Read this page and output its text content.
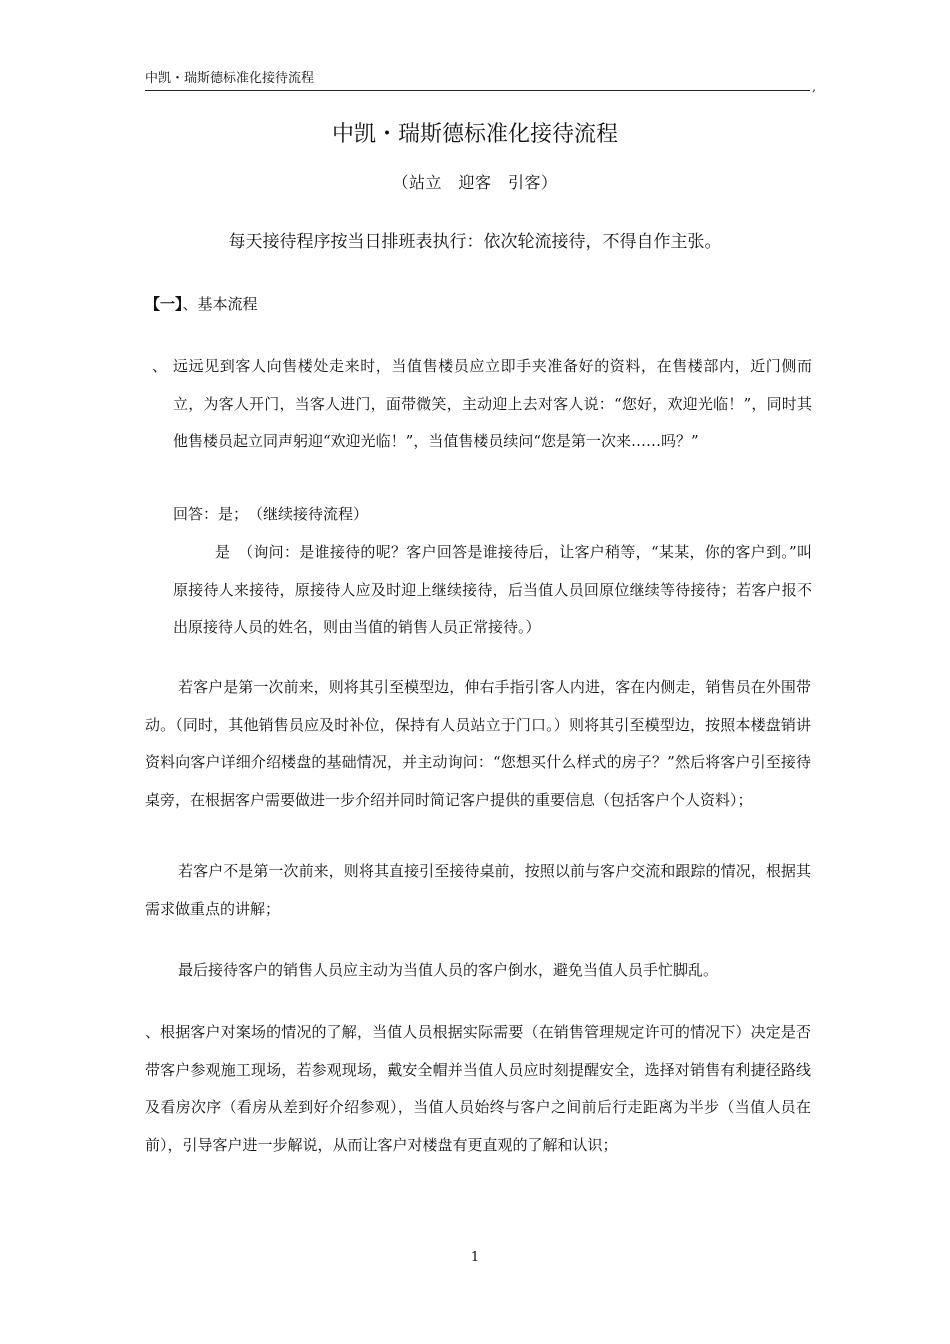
中凯・瑞斯德标准化接待流程
,
中凯・瑞斯德标准化接待流程
（站立　迎客　引客）
每天接待程序按当日排班表执行：依次轮流接待，不得自作主张。
【一】、基本流程
、 远远见到客人向售楼处走来时，当值售楼员应立即手夹准备好的资料，在售楼部内，近门侧而立，为客人开门，当客人进门，面带微笑，主动迎上去对客人说：“您好，欢迎光临！”，同时其他售楼员起立同声躬迎“欢迎光临！”，当值售楼员续问“您是第一次来……吗？”
回答：是；　（继续接待流程）
是　（询问：是谁接待的呢？客户回答是谁接待后，让客户稍等，“某某，你的客户到。”叫原接待人来接待，原接待人应及时迎上继续接待，后当值人员回原位继续等待接待；若客户报不出原接待人员的姓名，则由当值的销售人员正常接待。）
若客户是第一次前来，则将其引至模型边，伸右手指引客人内进，客在内侧走，销售员在外围带动。（同时，其他销售员应及时补位，保持有人员站立于门口。）则将其引至模型边，按照本楼盘销讲资料向客户详细介绍楼盘的基础情况，并主动询问：“您想买什么样式的房子？”然后将客户引至接待桌旁，在根据客户需要做进一步介绍并同时简记客户提供的重要信息（包括客户个人资料）；
若客户不是第一次前来，则将其直接引至接待桌前，按照以前与客户交流和跟踪的情况，根据其需求做重点的讲解；
最后接待客户的销售人员应主动为当值人员的客户倒水，避免当值人员手忙脚乱。
、根据客户对案场的情况的了解，当值人员根据实际需要（在销售管理规定许可的情况下）决定是否带客户参观施工现场，若参观现场，戴安全帽并当值人员应时刻提醒安全，选择对销售有利捷径路线及看房次序（看房从差到好介绍参观），当值人员始终与客户之间前后行走距离为半步（当值人员在前），引导客户进一步解说，从而让客户对楼盘有更直观的了解和认识；
1
